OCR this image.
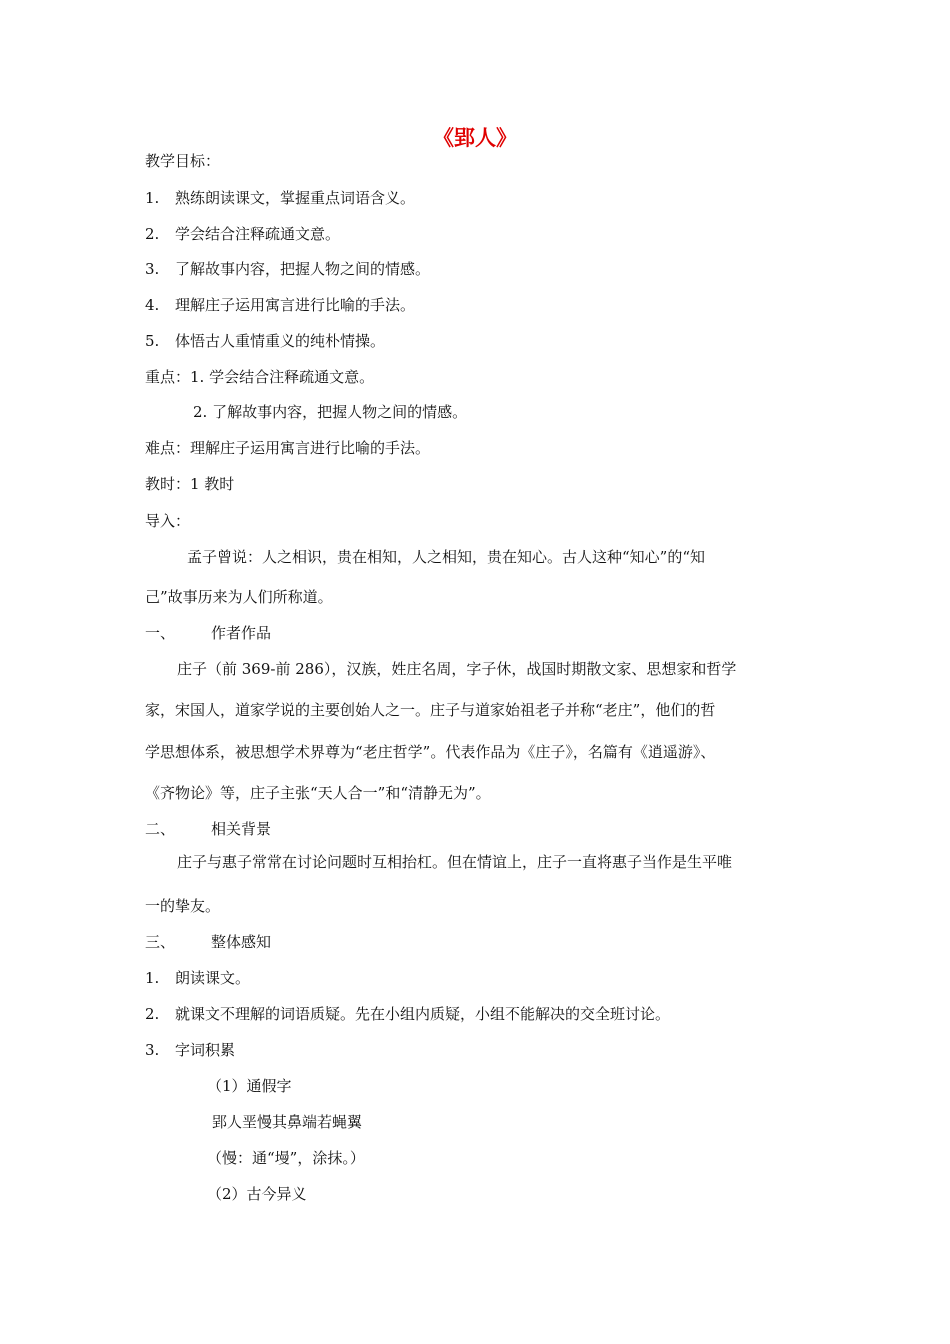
《郢人》
教学目标：
1. 熟练朗读课文，掌握重点词语含义。
2. 学会结合注释疏通文意。
3. 了解故事内容，把握人物之间的情感。
4. 理解庄子运用寓言进行比喻的手法。
5. 体悟古人重情重义的纯朴情操。
重点：1. 学会结合注释疏通文意。
2. 了解故事内容，把握人物之间的情感。
难点：理解庄子运用寓言进行比喻的手法。
教时：1 教时
导入：
孟子曾说：人之相识，贵在相知，人之相知，贵在知心。古人这种“知心”的“知
己”故事历来为人们所称道。
一、 作者作品
庄子（前 369-前 286），汉族，姓庄名周，字子休，战国时期散文家、思想家和哲学
家，宋国人，道家学说的主要创始人之一。庄子与道家始祖老子并称“老庄”，他们的哲
学思想体系，被思想学术界尊为“老庄哲学”。代表作品为《庄子》，名篇有《逍遥游》、
《齐物论》等，庄子主张“天人合一”和“清静无为”。
二、 相关背景
庄子与惠子常常在讨论问题时互相抬杠。但在情谊上，庄子一直将惠子当作是生平唯
一的挚友。
三、 整体感知
1. 朗读课文。
2. 就课文不理解的词语质疑。先在小组内质疑，小组不能解决的交全班讨论。
3. 字词积累
（1）通假字
郢人垩慢其鼻端若蝇翼
（慢：通“墁”，涂抹。）
（2）古今异义
